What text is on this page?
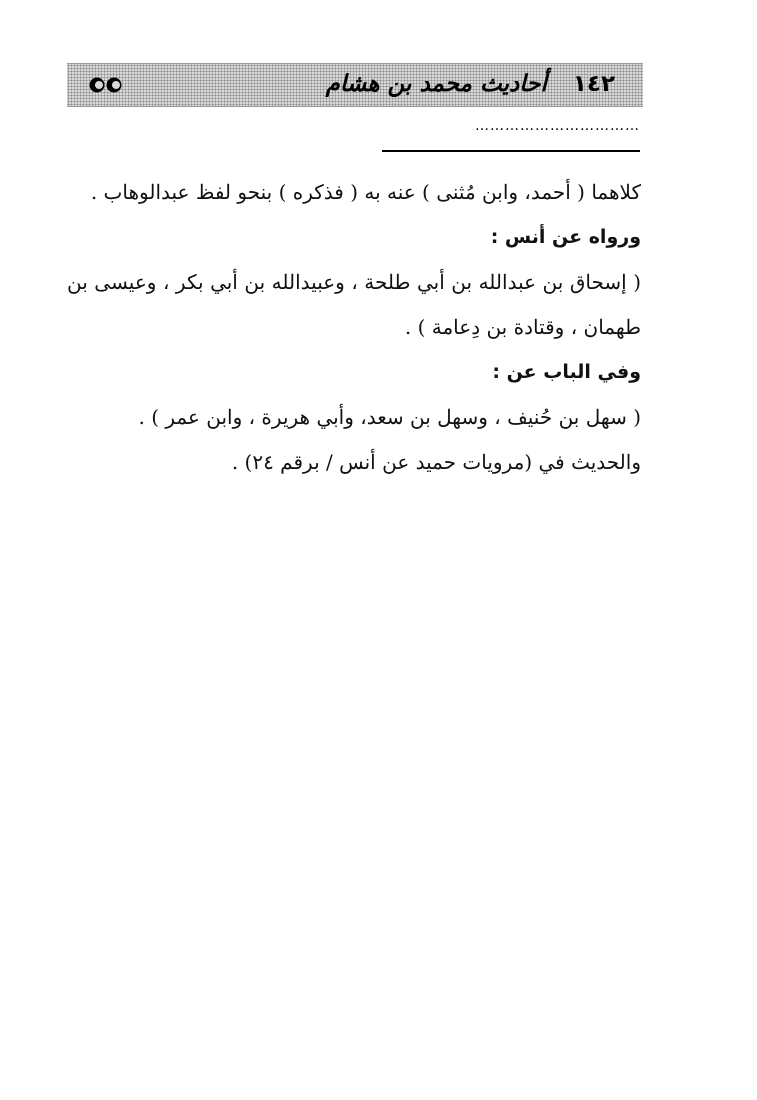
١٤٢ أحاديث محمد بن هشام
……………………………
كلاهما ( أحمد، وابن مُثنى ) عنه به ( فذكره ) بنحو لفظ عبدالوهاب .
ورواه عن أنس :
( إسحاق بن عبدالله بن أبي طلحة ، وعبيدالله بن أبي بكر ، وعيسى بن
طهمان ، وقتادة بن دِعامة ) .
وفي الباب عن :
( سهل بن حُنيف ، وسهل بن سعد، وأبي هريرة ، وابن عمر ) .
والحديث في (مرويات حميد عن أنس / برقم ٢٤) .
